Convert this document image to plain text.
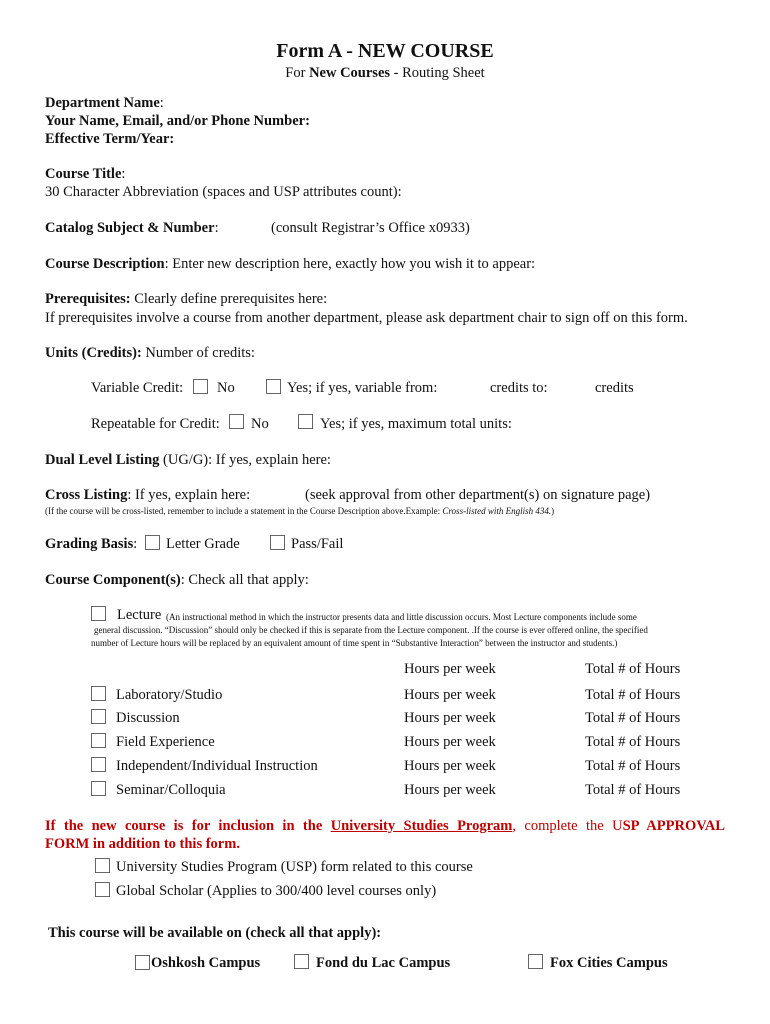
Form A - NEW COURSE
For New Courses - Routing Sheet
Department Name:
Your Name, Email, and/or Phone Number:
Effective Term/Year:
Course Title:
30 Character Abbreviation (spaces and USP attributes count):
Catalog Subject & Number:	(consult Registrar’s Office x0933)
Course Description: Enter new description here, exactly how you wish it to appear:
Prerequisites: Clearly define prerequisites here:
If prerequisites involve a course from another department, please ask department chair to sign off on this form.
Units (Credits): Number of credits:
Variable Credit: No	Yes; if yes, variable from:	credits to:	credits
Repeatable for Credit: No	Yes; if yes, maximum total units:
Dual Level Listing (UG/G): If yes, explain here:
Cross Listing: If yes, explain here:	(seek approval from other department(s) on signature page)
(If the course will be cross-listed, remember to include a statement in the Course Description above.Example: Cross-listed with English 434.)
Grading Basis: Letter Grade	Pass/Fail
Course Component(s): Check all that apply:
Lecture (An instructional method in which the instructor presents data and little discussion occurs. Most Lecture components include some
general discussion. “Discussion” should only be checked if this is separate from the Lecture component. .If the course is ever offered online, the specified
number of Lecture hours will be replaced by an equivalent amount of time spent in “Substantive Interaction” between the instructor and students.)
Hours per week	Total # of Hours
Laboratory/Studio	Hours per week	Total # of Hours
Discussion	Hours per week	Total # of Hours
Field Experience	Hours per week	Total # of Hours
Independent/Individual Instruction	Hours per week	Total # of Hours
Seminar/Colloquia	Hours per week	Total # of Hours
If the new course is for inclusion in the University Studies Program, complete the USP APPROVAL
FORM in addition to this form.
University Studies Program (USP) form related to this course
Global Scholar (Applies to 300/400 level courses only)
This course will be available on (check all that apply):
Oshkosh Campus	Fond du Lac Campus	Fox Cities Campus
